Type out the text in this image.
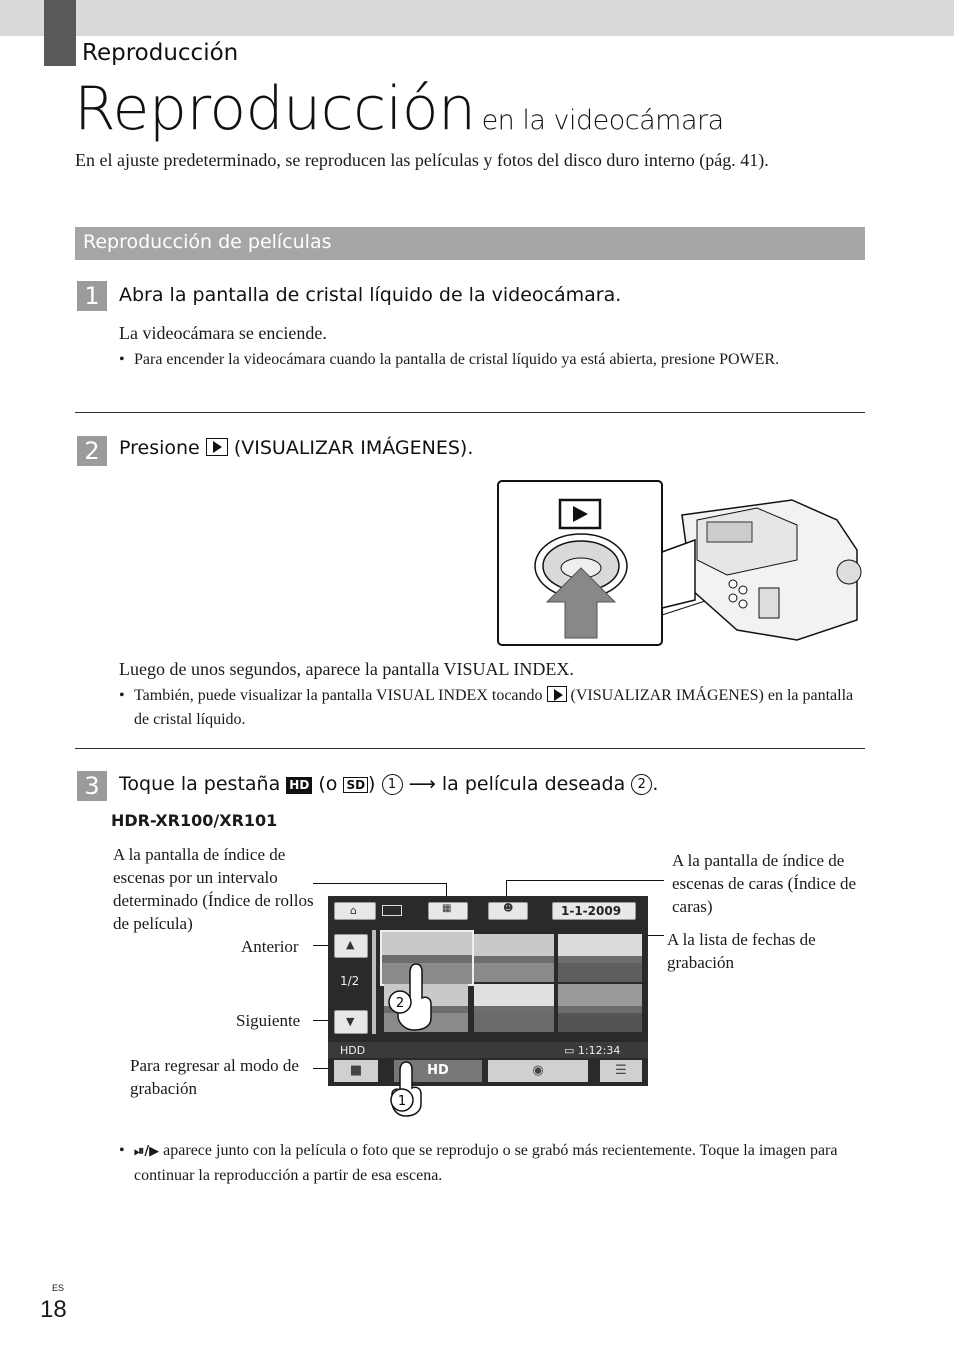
Reproducción
Reproducción en la videocámara
En el ajuste predeterminado, se reproducen las películas y fotos del disco duro interno (pág. 41).
Reproducción de películas
1	Abra la pantalla de cristal líquido de la videocámara.
La videocámara se enciende.
• Para encender la videocámara cuando la pantalla de cristal líquido ya está abierta, presione POWER.
2	Presione (VISUALIZAR IMÁGENES).
Luego de unos segundos, aparece la pantalla VISUAL INDEX.
• También, puede visualizar la pantalla VISUAL INDEX tocando (VISUALIZAR IMÁGENES) en la pantalla de cristal líquido.
3	Toque la pestaña HD (o SD ) 1 ⟶ la película deseada 2 .
HDR-XR100/XR101
A la pantalla de índice de escenas por un intervalo determinado (Índice de rollos de película)
A la pantalla de índice de escenas de caras (Índice de caras)
A la lista de fechas de grabación
Anterior
Siguiente
Para regresar al modo de grabación
⌂	▦	☻	1-1-2009
▲
1/2
▼
HDD	▭ 1:12:34
■	HD	◉	☰
2
1
• ⏯/▶ aparece junto con la película o foto que se reprodujo o se grabó más recientemente. Toque la imagen para continuar la reproducción a partir de esa escena.
ES
18
